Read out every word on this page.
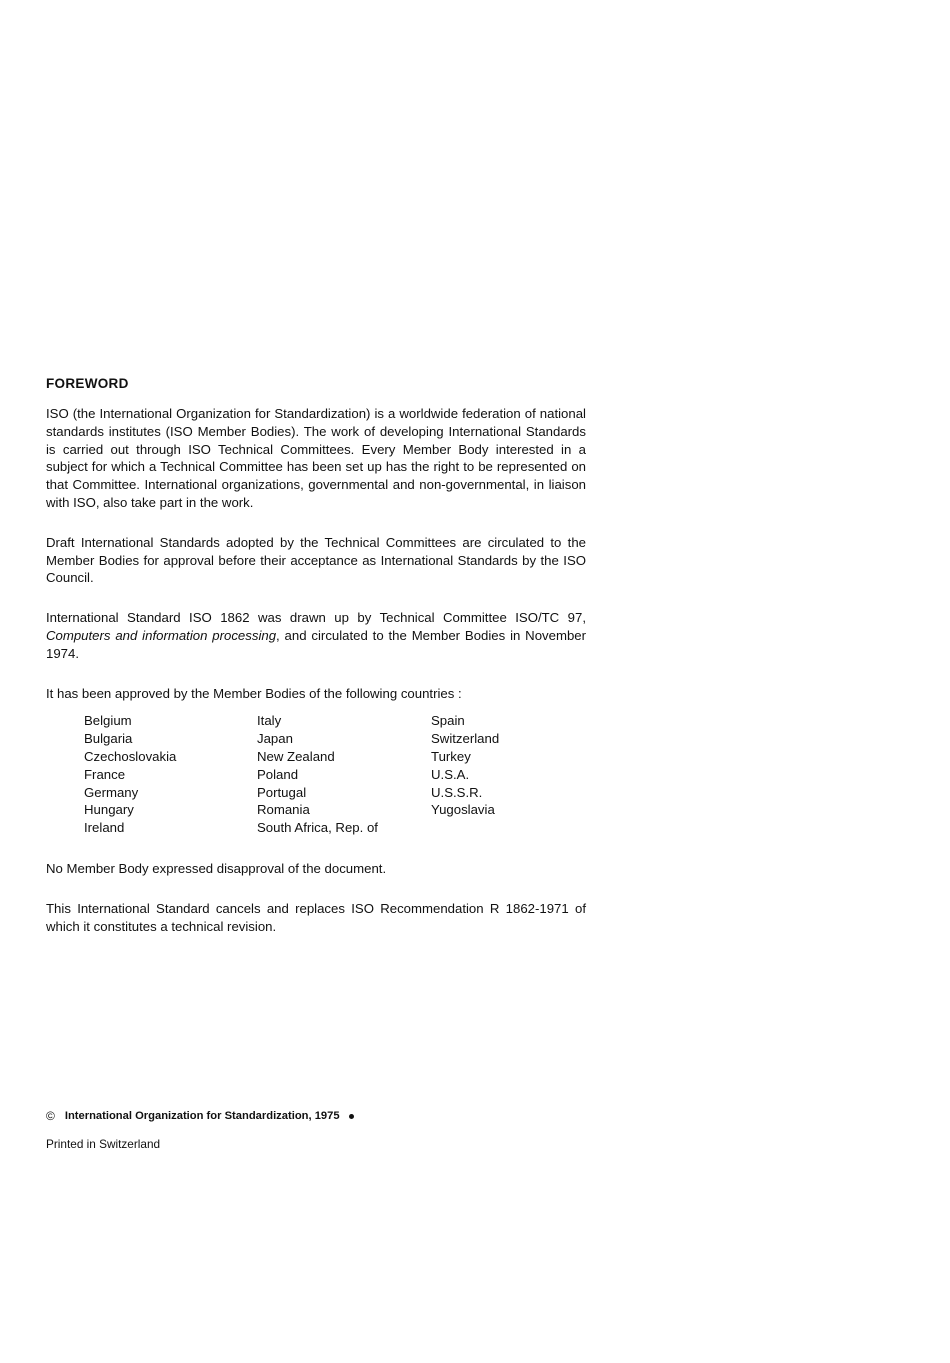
FOREWORD

ISO (the International Organization for Standardization) is a worldwide federation of national standards institutes (ISO Member Bodies). The work of developing International Standards is carried out through ISO Technical Committees. Every Member Body interested in a subject for which a Technical Committee has been set up has the right to be represented on that Committee. International organizations, governmental and non-governmental, in liaison with ISO, also take part in the work.

Draft International Standards adopted by the Technical Committees are circulated to the Member Bodies for approval before their acceptance as International Standards by the ISO Council.

International Standard ISO 1862 was drawn up by Technical Committee ISO/TC 97, Computers and information processing, and circulated to the Member Bodies in November 1974.

It has been approved by the Member Bodies of the following countries :

Belgium
Bulgaria
Czechoslovakia
France
Germany
Hungary
Ireland
Italy
Japan
New Zealand
Poland
Portugal
Romania
South Africa, Rep. of
Spain
Switzerland
Turkey
U.S.A.
U.S.S.R.
Yugoslavia

No Member Body expressed disapproval of the document.

This International Standard cancels and replaces ISO Recommendation R 1862-1971 of which it constitutes a technical revision.

© International Organization for Standardization, 1975
Printed in Switzerland
